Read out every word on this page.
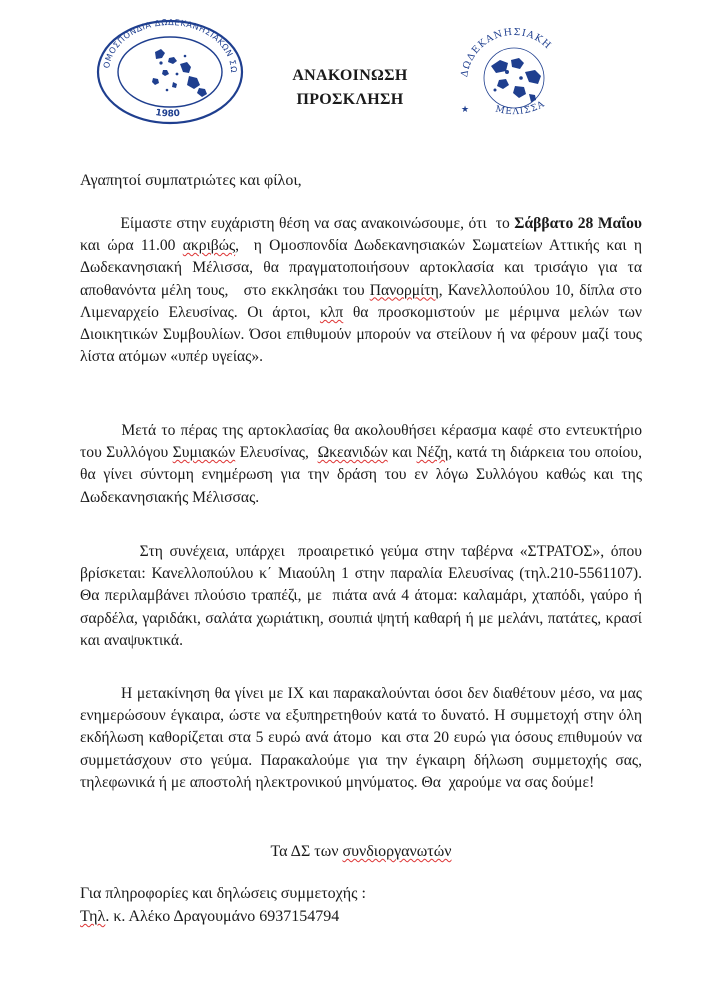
ΟΜΟΣΠΟΝΔΙΑ ΔΩΔΕΚΑΝΗΣΙΑΚΩΝ ΣΩ
1980
ΑΝΑΚΟΙΝΩΣΗ
ΠΡΟΣΚΛΗΣΗ
ΔΩΔΕΚΑΝΗΣΙΑΚΗ
ΜΕΛΙΣΣΑ
★
Αγαπητοί συμπατριώτες και φίλοι,

Είμαστε στην ευχάριστη θέση να σας ανακοινώσουμε, ότι  το Σάββατο 28 Μαΐου και ώρα 11.00 ακριβώς,  η Ομοσπονδία Δωδεκανησιακών Σωματείων Αττικής και η Δωδεκανησιακή Μέλισσα, θα πραγματοποιήσουν αρτοκλασία και τρισάγιο για τα αποθανόντα μέλη τους,   στο εκκλησάκι του Πανορμίτη, Κανελλοπούλου 10, δίπλα στο Λιμεναρχείο Ελευσίνας. Οι άρτοι, κλπ θα προσκομιστούν με μέριμνα μελών των Διοικητικών Συμβουλίων. Όσοι επιθυμούν μπορούν να στείλουν ή να φέρουν μαζί τους λίστα ατόμων «υπέρ υγείας».

Μετά το πέρας της αρτοκλασίας θα ακολουθήσει κέρασμα καφέ στο εντευκτήριο του Συλλόγου Συμιακών Ελευσίνας,  Ωκεανιδών και Νέζη, κατά τη διάρκεια του οποίου, θα γίνει σύντομη ενημέρωση για την δράση του εν λόγω Συλλόγου καθώς και της Δωδεκανησιακής Μέλισσας.

Στη συνέχεια, υπάρχει  προαιρετικό γεύμα στην ταβέρνα «ΣΤΡΑΤΟΣ», όπου βρίσκεται: Κανελλοπούλου κ΄ Μιαούλη 1 στην παραλία Ελευσίνας (τηλ.210-5561107). Θα περιλαμβάνει πλούσιο τραπέζι, με  πιάτα ανά 4 άτομα: καλαμάρι, χταπόδι, γαύρο ή σαρδέλα, γαριδάκι, σαλάτα χωριάτικη, σουπιά ψητή καθαρή ή με μελάνι, πατάτες, κρασί και αναψυκτικά.

Η μετακίνηση θα γίνει με ΙΧ και παρακαλούνται όσοι δεν διαθέτουν μέσο, να μας ενημερώσουν έγκαιρα, ώστε να εξυπηρετηθούν κατά το δυνατό. Η συμμετοχή στην όλη εκδήλωση καθορίζεται στα 5 ευρώ ανά άτομο  και στα 20 ευρώ για όσους επιθυμούν να συμμετάσχουν στο γεύμα. Παρακαλούμε για την έγκαιρη δήλωση συμμετοχής σας, τηλεφωνικά ή με αποστολή ηλεκτρονικού μηνύματος. Θα  χαρούμε να σας δούμε!

Τα ΔΣ των συνδιοργανωτών
Για πληροφορίες και δηλώσεις συμμετοχής :
Τηλ. κ. Αλέκο Δραγουμάνο 6937154794
